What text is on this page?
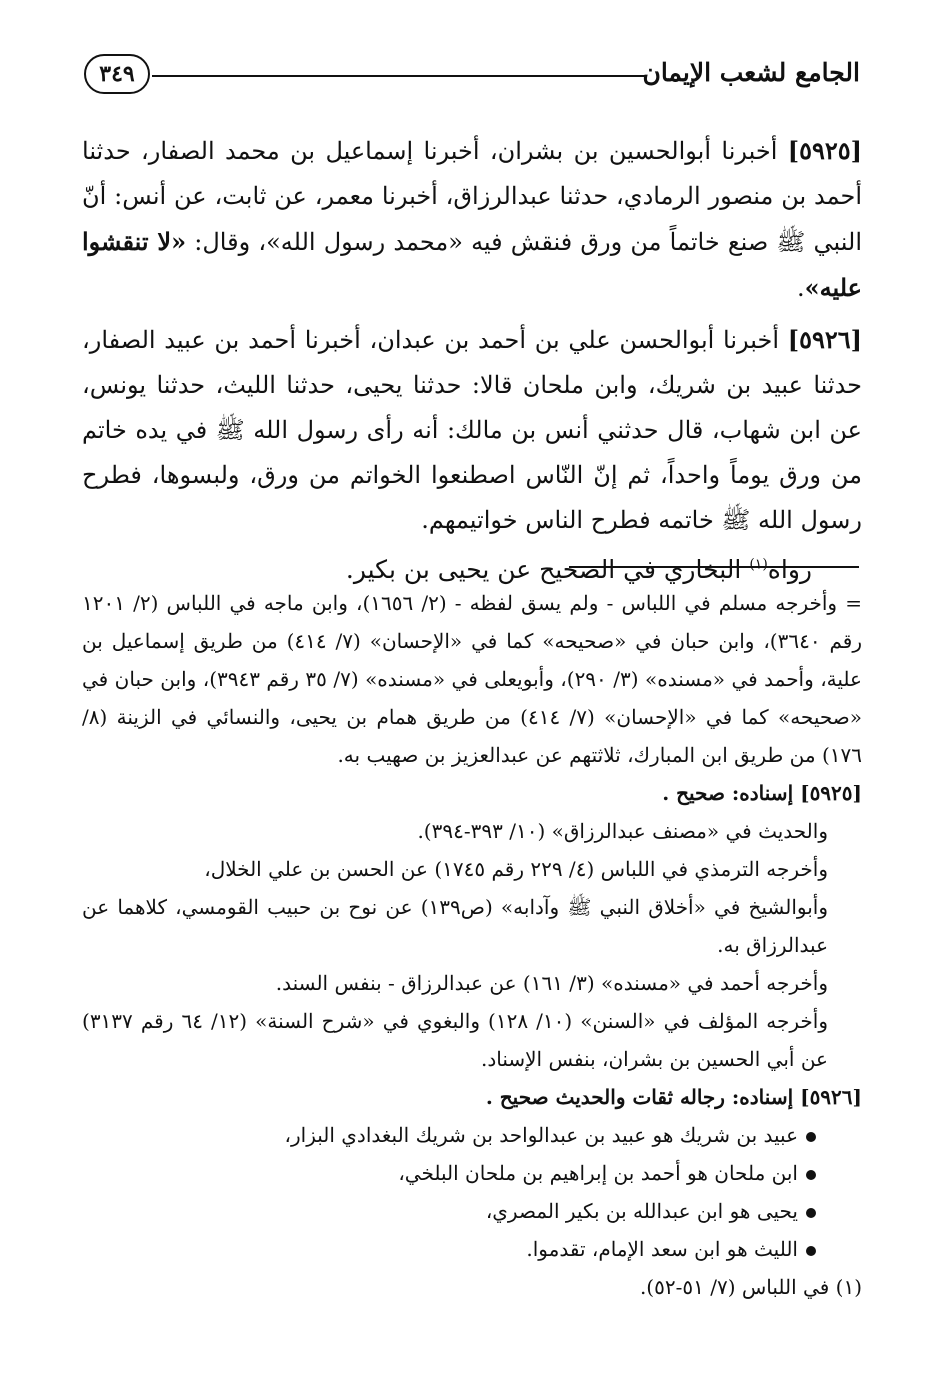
الجامع لشعب الإيمان
٣٤٩

[٥٩٢٥] أخبرنا أبوالحسين بن بشران، أخبرنا إسماعيل بن محمد الصفار، حدثنا أحمد بن منصور الرمادي، حدثنا عبدالرزاق، أخبرنا معمر، عن ثابت، عن أنس: أنّ النبي ﷺ صنع خاتماً من ورق فنقش فيه «محمد رسول الله»، وقال: «لا تنقشوا عليه».

[٥٩٢٦] أخبرنا أبوالحسن علي بن أحمد بن عبدان، أخبرنا أحمد بن عبيد الصفار، حدثنا عبيد بن شريك، وابن ملحان قالا: حدثنا يحيى، حدثنا الليث، حدثنا يونس، عن ابن شهاب، قال حدثني أنس بن مالك: أنه رأى رسول الله ﷺ في يده خاتم من ورق يوماً واحداً، ثم إنّ النّاس اصطنعوا الخواتم من ورق، ولبسوها، فطرح رسول الله ﷺ خاتمه فطرح الناس خواتيمهم.

رواه$^{(١)}$ البخاري في الصحيح عن يحيى بن بكير.

= وأخرجه مسلم في اللباس - ولم يسق لفظه - (٢/ ١٦٥٦)، وابن ماجه في اللباس (٢/ ١٢٠١ رقم ٣٦٤٠)، وابن حبان في «صحيحه» كما في «الإحسان» (٧/ ٤١٤) من طريق إسماعيل بن علية، وأحمد في «مسنده» (٣/ ٢٩٠)، وأبويعلى في «مسنده» (٧/ ٣٥ رقم ٣٩٤٣)، وابن حبان في «صحيحه» كما في «الإحسان» (٧/ ٤١٤) من طريق همام بن يحيى، والنسائي في الزينة (٨/ ١٧٦) من طريق ابن المبارك، ثلاثتهم عن عبدالعزيز بن صهيب به.

[٥٩٢٥] إسناده: صحيح .

والحديث في «مصنف عبدالرزاق» (١٠/ ٣٩٣-٣٩٤).

وأخرجه الترمذي في اللباس (٤/ ٢٢٩ رقم ١٧٤٥) عن الحسن بن علي الخلال،

وأبوالشيخ في «أخلاق النبي ﷺ وآدابه» (ص١٣٩) عن نوح بن حبيب القومسي، كلاهما عن عبدالرزاق به.

وأخرجه أحمد في «مسنده» (٣/ ١٦١) عن عبدالرزاق - بنفس السند.

وأخرجه المؤلف في «السنن» (١٠/ ١٢٨) والبغوي في «شرح السنة» (١٢/ ٦٤ رقم ٣١٣٧) عن أبي الحسين بن بشران، بنفس الإسناد.

[٥٩٢٦] إسناده: رجاله ثقات والحديث صحيح .

عبيد بن شريك هو عبيد بن عبدالواحد بن شريك البغدادي البزار،
ابن ملحان هو أحمد بن إبراهيم بن ملحان البلخي،
يحيى هو ابن عبدالله بن بكير المصري،
الليث هو ابن سعد الإمام، تقدموا.

(١) في اللباس (٧/ ٥١-٥٢).
